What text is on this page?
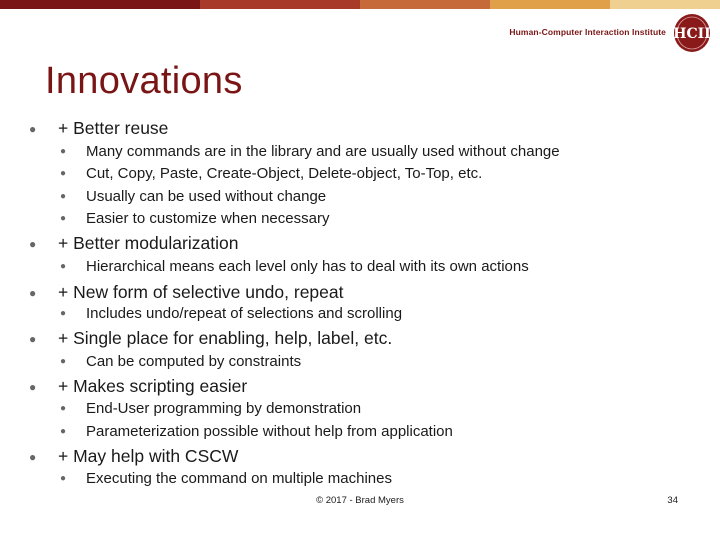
Human-Computer Interaction Institute HCII
Innovations
● + Better reuse
● Many commands are in the library and are usually used without change
● Cut, Copy, Paste, Create-Object, Delete-object, To-Top, etc.
● Usually can be used without change
● Easier to customize when necessary
● + Better modularization
● Hierarchical means each level only has to deal with its own actions
● + New form of selective undo, repeat
● Includes undo/repeat of selections and scrolling
● + Single place for enabling, help, label, etc.
● Can be computed by constraints
● + Makes scripting easier
● End-User programming by demonstration
● Parameterization possible without help from application
● + May help with CSCW
● Executing the command on multiple machines
© 2017 - Brad Myers	34
